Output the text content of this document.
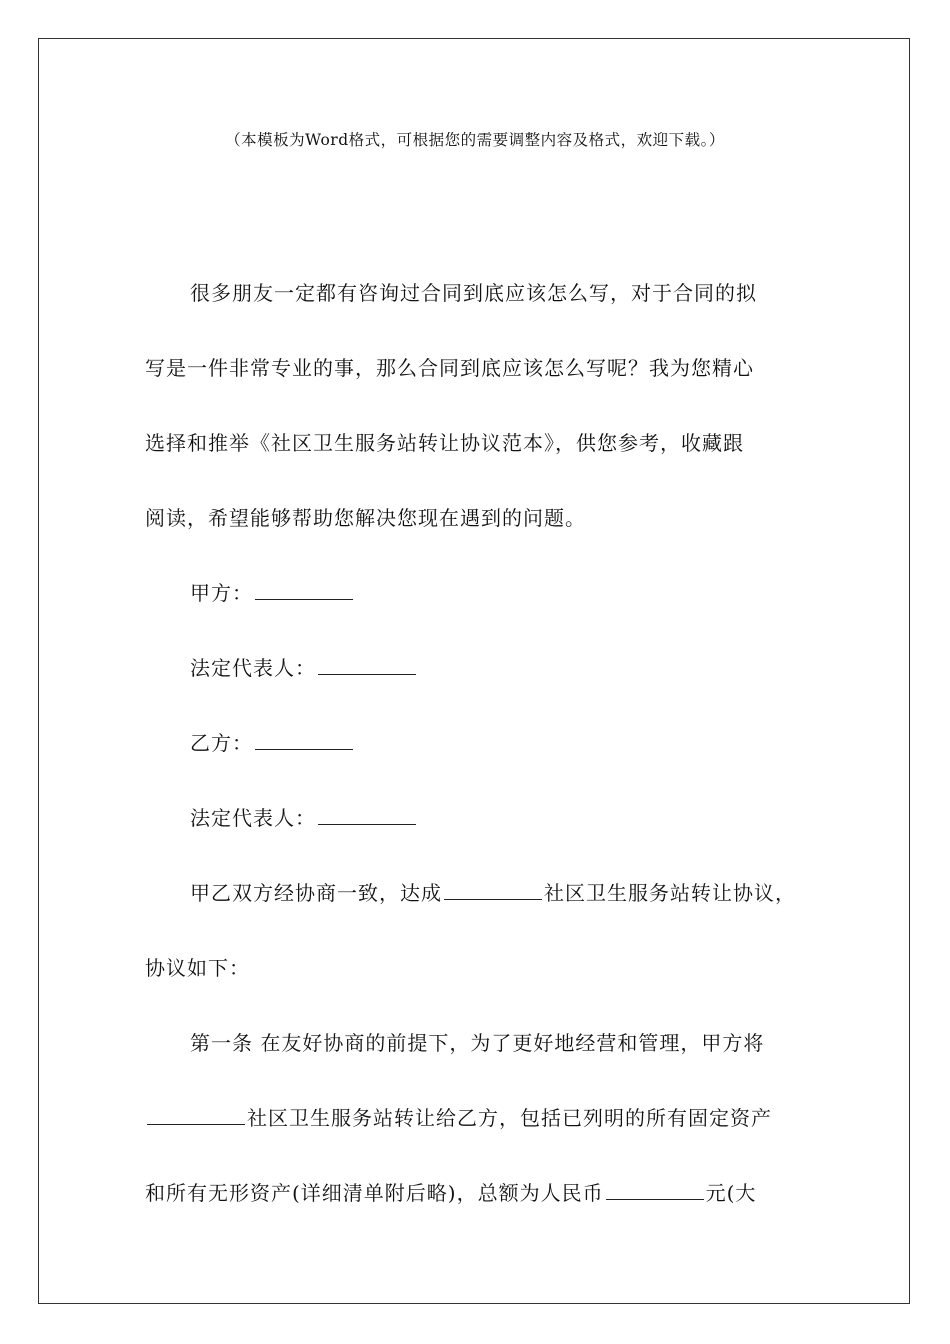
（本模板为Word格式，可根据您的需要调整内容及格式，欢迎下载。）
很多朋友一定都有咨询过合同到底应该怎么写，对于合同的拟
写是一件非常专业的事，那么合同到底应该怎么写呢？我为您精心
选择和推举《社区卫生服务站转让协议范本》，供您参考，收藏跟
阅读，希望能够帮助您解决您现在遇到的问题。
甲方：
法定代表人：
乙方：
法定代表人：
甲乙双方经协商一致，达成	社区卫生服务站转让协议，
协议如下：
第一条 在友好协商的前提下，为了更好地经营和管理，甲方将
社区卫生服务站转让给乙方，包括已列明的所有固定资产
和所有无形资产(详细清单附后略)，总额为人民币	元(大
